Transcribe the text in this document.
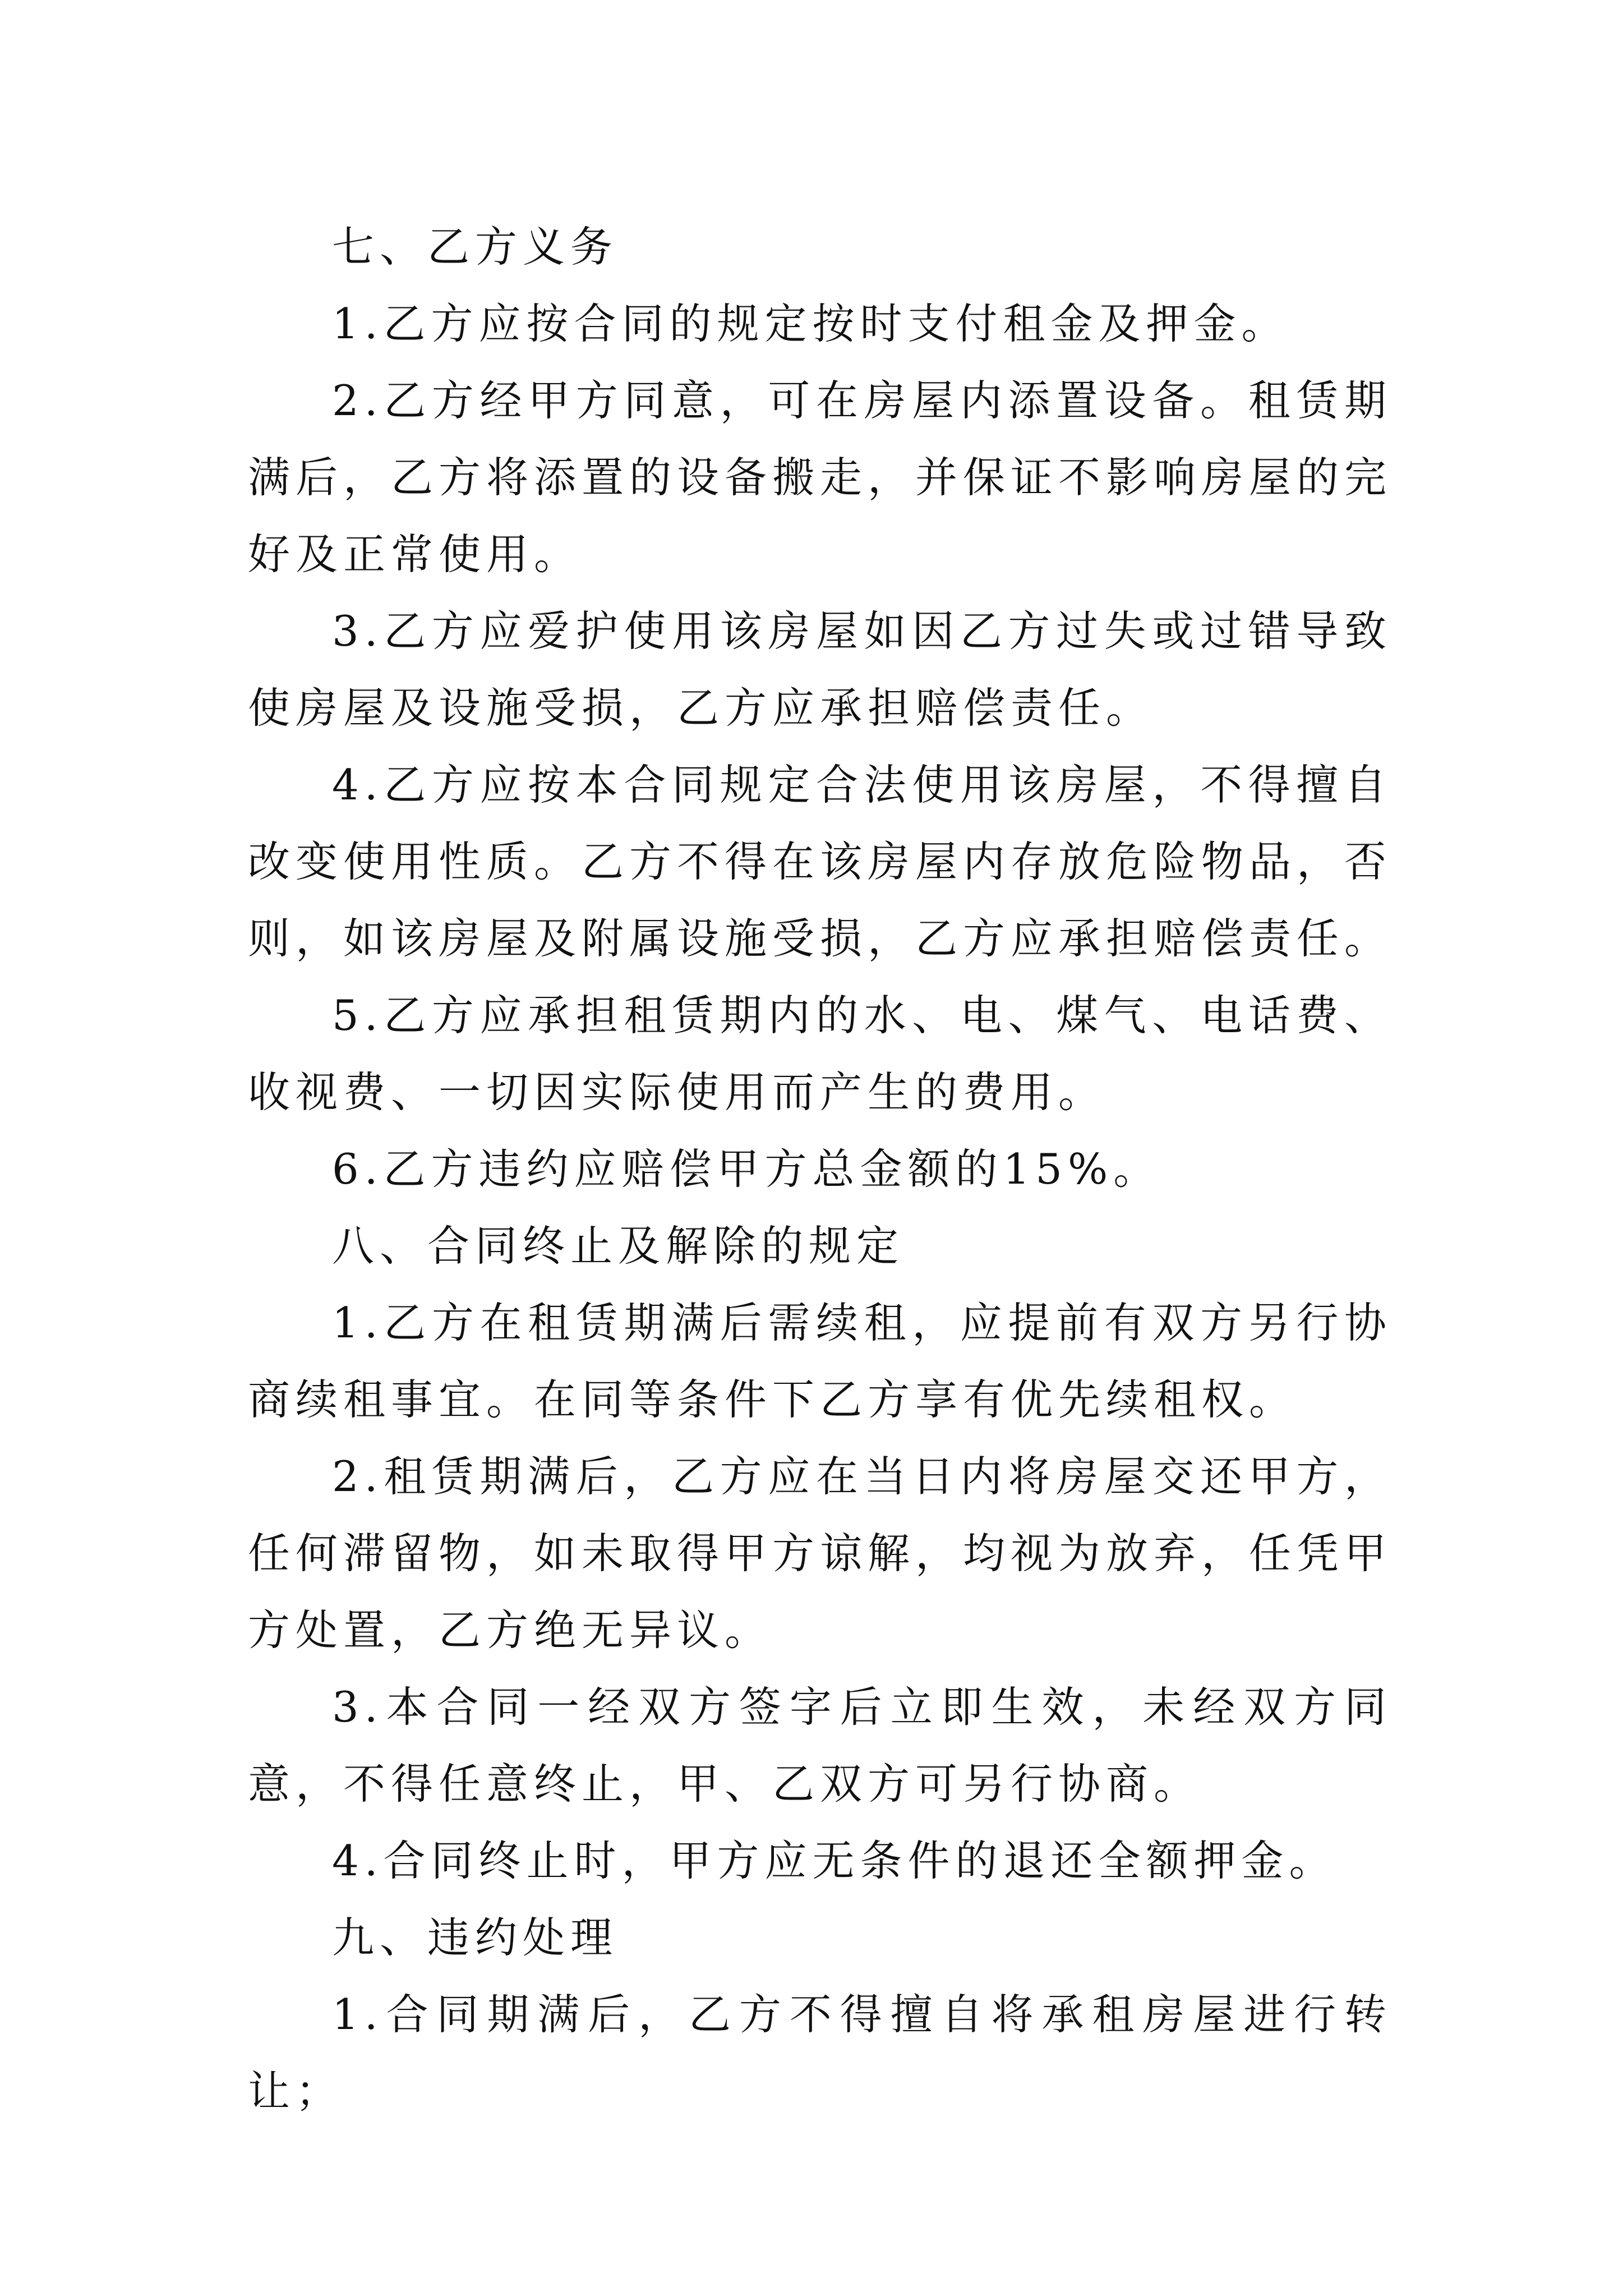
七、乙方义务

1.乙方应按合同的规定按时支付租金及押金。

2.乙方经甲方同意，可在房屋内添置设备。租赁期满后，乙方将添置的设备搬走，并保证不影响房屋的完好及正常使用。

3.乙方应爱护使用该房屋如因乙方过失或过错导致使房屋及设施受损，乙方应承担赔偿责任。

4.乙方应按本合同规定合法使用该房屋，不得擅自改变使用性质。乙方不得在该房屋内存放危险物品，否则，如该房屋及附属设施受损，乙方应承担赔偿责任。

5.乙方应承担租赁期内的水、电、煤气、电话费、收视费、一切因实际使用而产生的费用。

6.乙方违约应赔偿甲方总金额的15%。

八、合同终止及解除的规定

1.乙方在租赁期满后需续租，应提前有双方另行协商续租事宜。在同等条件下乙方享有优先续租权。

2.租赁期满后，乙方应在当日内将房屋交还甲方，任何滞留物，如未取得甲方谅解，均视为放弃，任凭甲方处置，乙方绝无异议。

3.本合同一经双方签字后立即生效，未经双方同意，不得任意终止，甲、乙双方可另行协商。

4.合同终止时，甲方应无条件的退还全额押金。

九、违约处理

1.合同期满后，乙方不得擅自将承租房屋进行转让；
